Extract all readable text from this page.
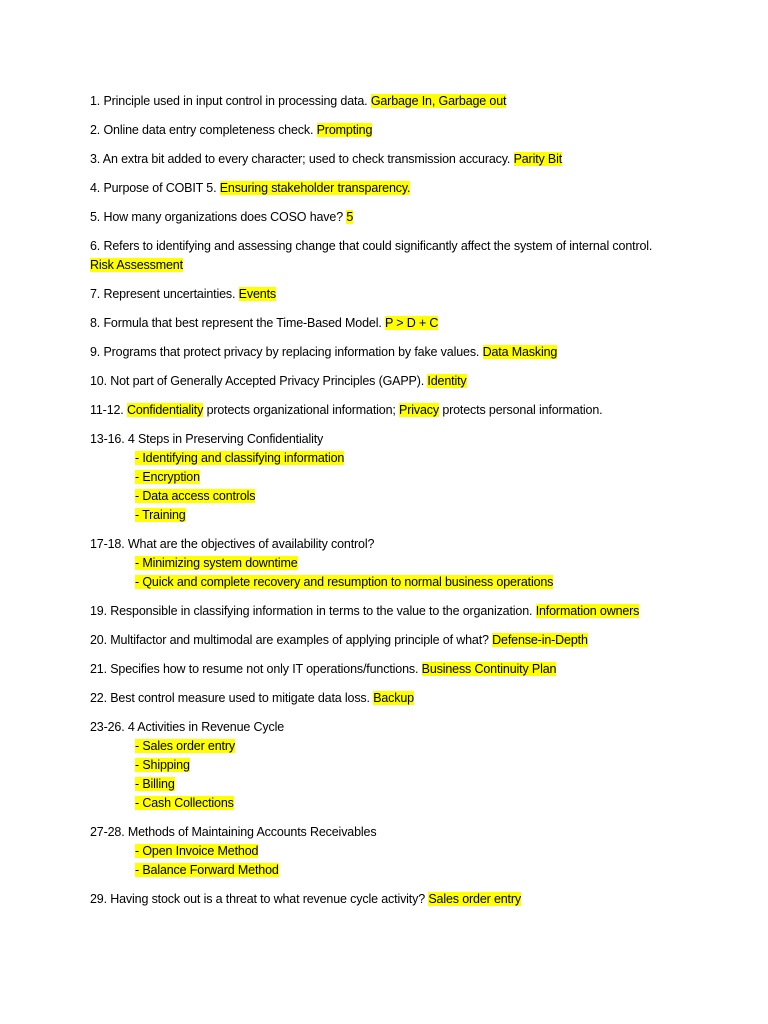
1. Principle used in input control in processing data. Garbage In, Garbage out

2. Online data entry completeness check. Prompting

3. An extra bit added to every character; used to check transmission accuracy. Parity Bit

4. Purpose of COBIT 5. Ensuring stakeholder transparency.

5. How many organizations does COSO have? 5

6. Refers to identifying and assessing change that could significantly affect the system of internal control.
Risk Assessment

7. Represent uncertainties. Events

8. Formula that best represent the Time-Based Model. P > D + C

9. Programs that protect privacy by replacing information by fake values. Data Masking

10. Not part of Generally Accepted Privacy Principles (GAPP). Identity

11-12. Confidentiality protects organizational information; Privacy protects personal information.

13-16. 4 Steps in Preserving Confidentiality
- Identifying and classifying information
- Encryption
- Data access controls
- Training
17-18. What are the objectives of availability control?
- Minimizing system downtime
- Quick and complete recovery and resumption to normal business operations

19. Responsible in classifying information in terms to the value to the organization. Information owners

20. Multifactor and multimodal are examples of applying principle of what? Defense-in-Depth

21. Specifies how to resume not only IT operations/functions. Business Continuity Plan

22. Best control measure used to mitigate data loss. Backup

23-26. 4 Activities in Revenue Cycle
- Sales order entry
- Shipping
- Billing
- Cash Collections
27-28. Methods of Maintaining Accounts Receivables
- Open Invoice Method
- Balance Forward Method

29. Having stock out is a threat to what revenue cycle activity? Sales order entry
